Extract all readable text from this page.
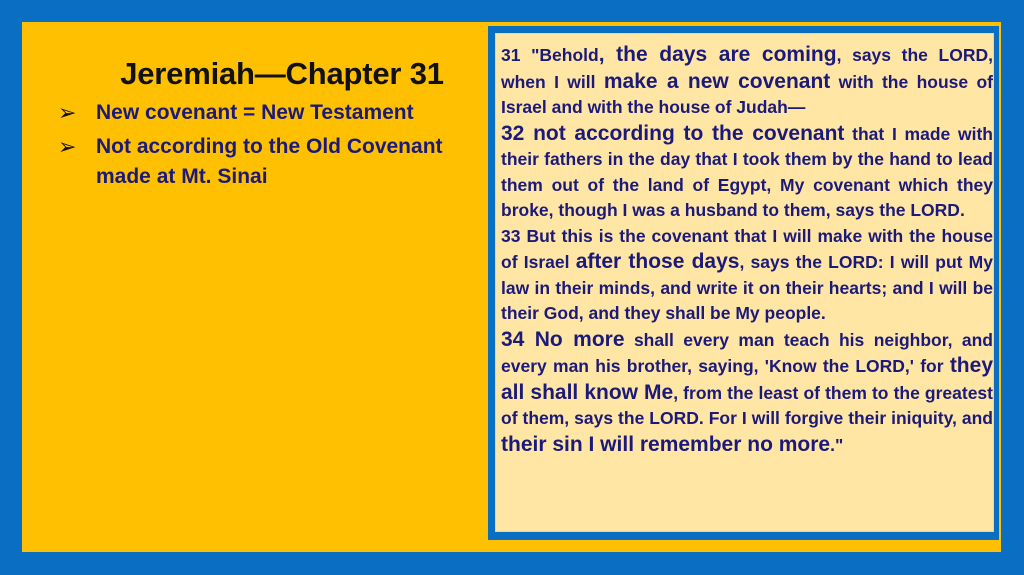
Jeremiah—Chapter 31
➢ New covenant = New Testament
➢ Not according to the Old Covenant made at Mt. Sinai

31 "Behold, the days are coming, says the LORD, when I will make a new covenant with the house of Israel and with the house of Judah—
32 not according to the covenant that I made with their fathers in the day that I took them by the hand to lead them out of the land of Egypt, My covenant which they broke, though I was a husband to them, says the LORD.
33 But this is the covenant that I will make with the house of Israel after those days, says the LORD: I will put My law in their minds, and write it on their hearts; and I will be their God, and they shall be My people.
34 No more shall every man teach his neighbor, and every man his brother, saying, 'Know the LORD,' for they all shall know Me, from the least of them to the greatest of them, says the LORD. For I will forgive their iniquity, and their sin I will remember no more."
